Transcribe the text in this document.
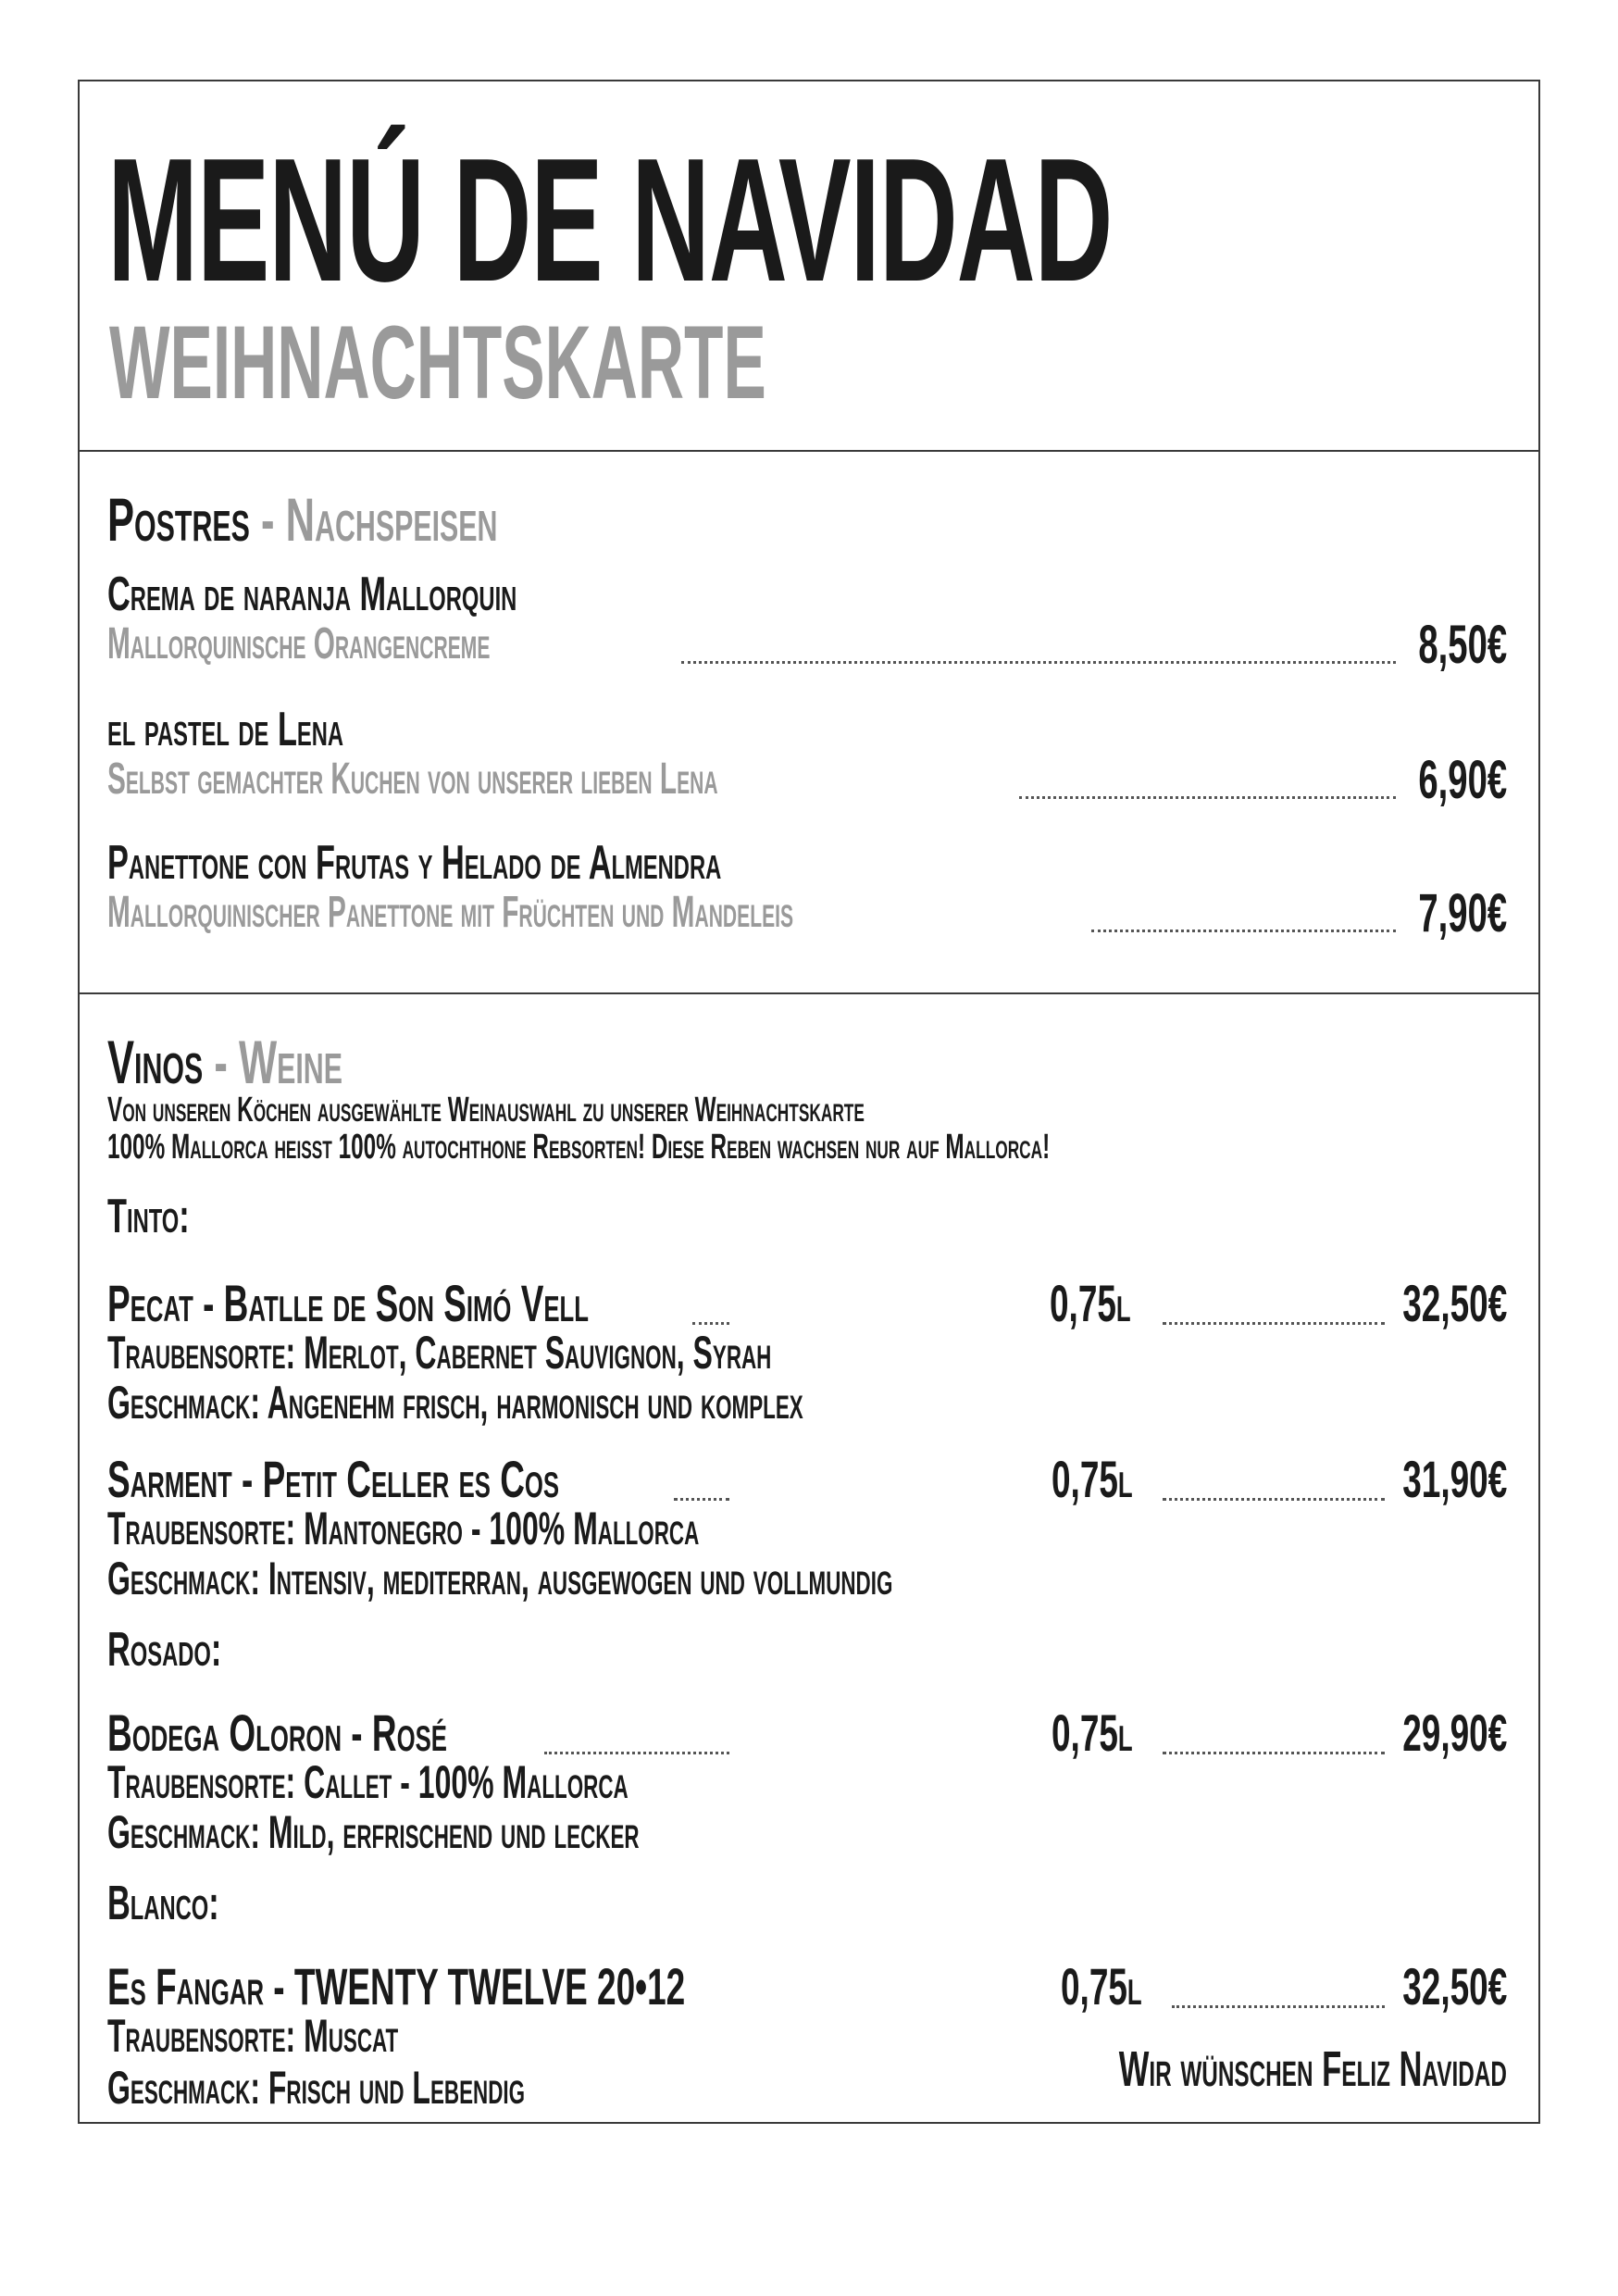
MENÚ DE NAVIDAD
WEIHNACHTSKARTE
Postres - Nachspeisen
Crema de naranja Mallorquin
Mallorquinische Orangencreme	8,50€
el pastel de Lena
Selbst gemachter Kuchen von unserer lieben Lena	6,90€
Panettone con Frutas y Helado de Almendra
Mallorquinischer Panettone mit Früchten und Mandeleis	7,90€
Vinos - Weine
Von unseren Köchen ausgewählte Weinauswahl zu unserer Weihnachtskarte
100% Mallorca heisst 100% autochthone Rebsorten! Diese Reben wachsen nur auf Mallorca!
Tinto:
Pecat - Batlle de Son Simó Vell	0,75l	32,50€
Traubensorte: Merlot, Cabernet Sauvignon, Syrah
Geschmack: Angenehm frisch, harmonisch und komplex
Sarment - Petit Celler es Cos	0,75l	31,90€
Traubensorte: Mantonegro - 100% Mallorca
Geschmack: Intensiv, mediterran, ausgewogen und vollmundig
Rosado:
Bodega Oloron - Rosé	0,75l	29,90€
Traubensorte: Callet - 100% Mallorca
Geschmack: Mild, erfrischend und lecker
Blanco:
Es Fangar - TWENTY TWELVE 20•12	0,75l	32,50€
Traubensorte: Muscat
Geschmack: Frisch und Lebendig	Wir wünschen Feliz Navidad
